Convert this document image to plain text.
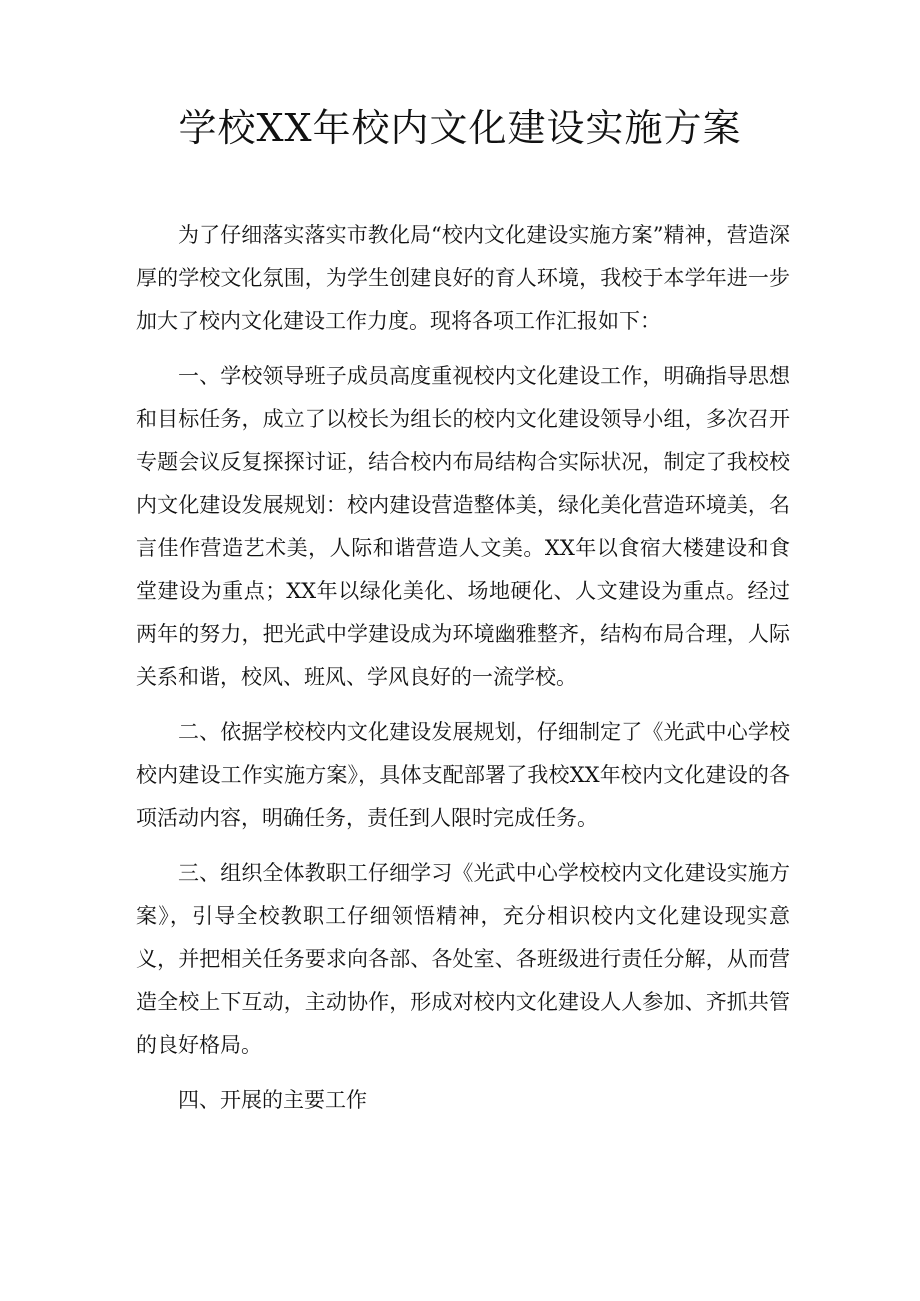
学校XX年校内文化建设实施方案

为了仔细落实落实市教化局“校内文化建设实施方案”精神，营造深厚的学校文化氛围，为学生创建良好的育人环境，我校于本学年进一步加大了校内文化建设工作力度。现将各项工作汇报如下：

一、学校领导班子成员高度重视校内文化建设工作，明确指导思想和目标任务，成立了以校长为组长的校内文化建设领导小组，多次召开专题会议反复探探讨证，结合校内布局结构合实际状况，制定了我校校内文化建设发展规划：校内建设营造整体美，绿化美化营造环境美，名言佳作营造艺术美，人际和谐营造人文美。XX年以食宿大楼建设和食堂建设为重点；XX年以绿化美化、场地硬化、人文建设为重点。经过两年的努力，把光武中学建设成为环境幽雅整齐，结构布局合理，人际关系和谐，校风、班风、学风良好的一流学校。

二、依据学校校内文化建设发展规划，仔细制定了《光武中心学校校内建设工作实施方案》，具体支配部署了我校XX年校内文化建设的各项活动内容，明确任务，责任到人限时完成任务。

三、组织全体教职工仔细学习《光武中心学校校内文化建设实施方案》，引导全校教职工仔细领悟精神，充分相识校内文化建设现实意义，并把相关任务要求向各部、各处室、各班级进行责任分解，从而营造全校上下互动，主动协作，形成对校内文化建设人人参加、齐抓共管的良好格局。

四、开展的主要工作
